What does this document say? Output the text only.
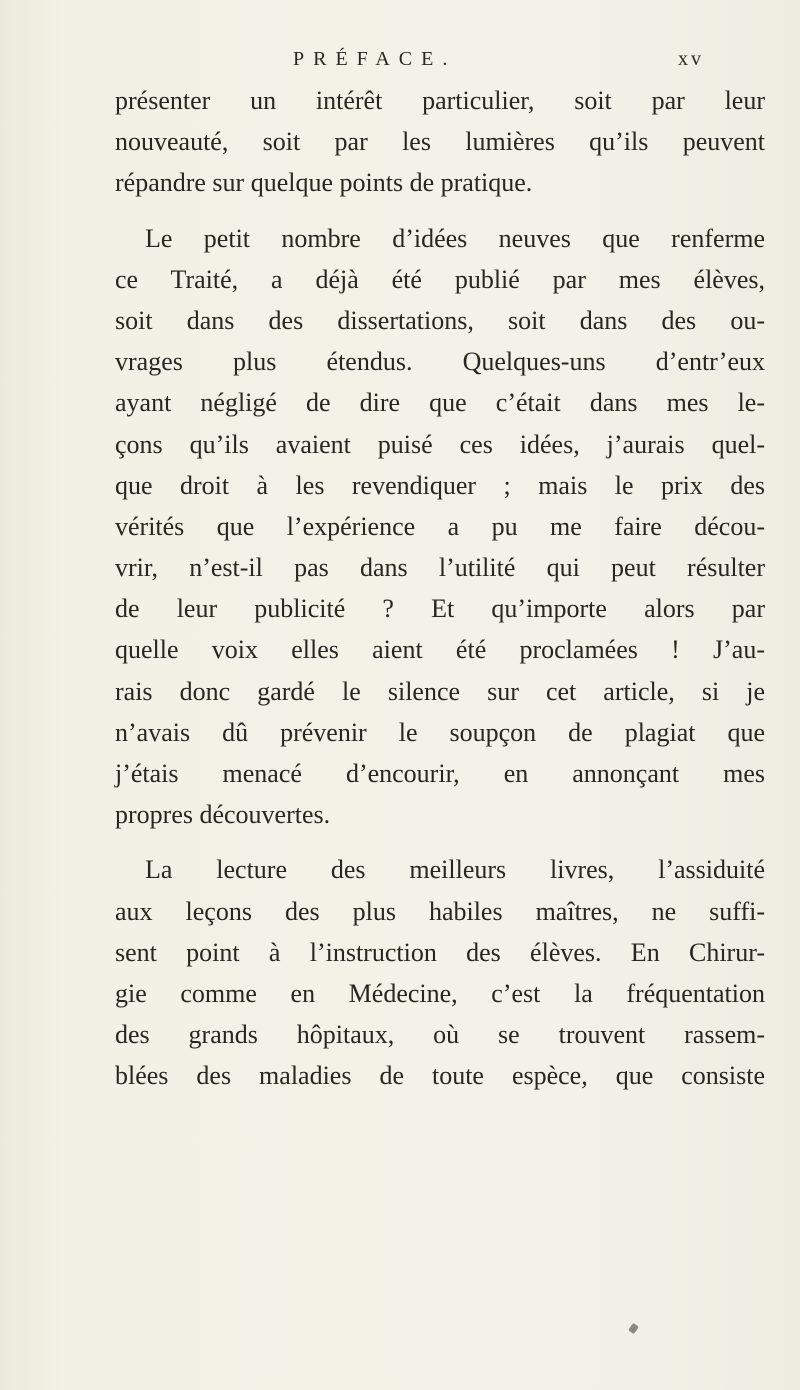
PRÉFACE.	xv
présenter un intérêt particulier, soit par leur
nouveauté, soit par les lumières qu’ils peuvent
répandre sur quelque points de pratique.
Le petit nombre d’idées neuves que renferme
ce Traité, a déjà été publié par mes élèves,
soit dans des dissertations, soit dans des ou-
vrages plus étendus. Quelques-uns d’entr’eux
ayant négligé de dire que c’était dans mes le-
çons qu’ils avaient puisé ces idées, j’aurais quel-
que droit à les revendiquer ; mais le prix des
vérités que l’expérience a pu me faire décou-
vrir, n’est-il pas dans l’utilité qui peut résulter
de leur publicité ? Et qu’importe alors par
quelle voix elles aient été proclamées ! J’au-
rais donc gardé le silence sur cet article, si je
n’avais dû prévenir le soupçon de plagiat que
j’étais menacé d’encourir, en annonçant mes
propres découvertes.
La lecture des meilleurs livres, l’assiduité
aux leçons des plus habiles maîtres, ne suffi-
sent point à l’instruction des élèves. En Chirur-
gie comme en Médecine, c’est la fréquentation
des grands hôpitaux, où se trouvent rassem-
blées des maladies de toute espèce, que consiste
